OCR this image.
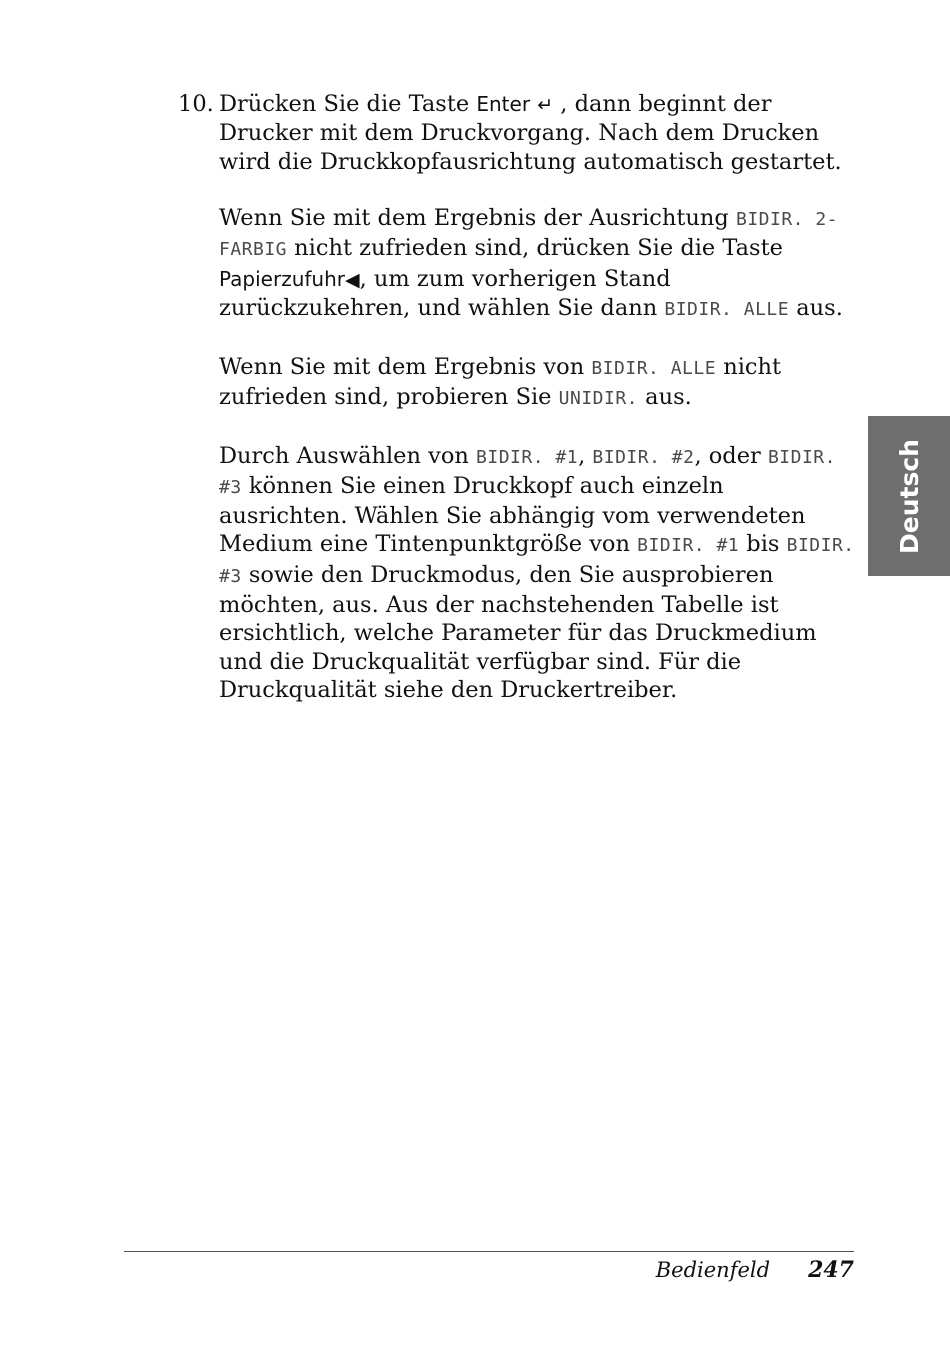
10. Drücken Sie die Taste Enter ↵ , dann beginnt der Drucker mit dem Druckvorgang. Nach dem Drucken wird die Druckkopfausrichtung automatisch gestartet.

Wenn Sie mit dem Ergebnis der Ausrichtung BIDIR. 2-FARBIG nicht zufrieden sind, drücken Sie die Taste Papierzufuhr◀, um zum vorherigen Stand zurückzukehren, und wählen Sie dann BIDIR. ALLE aus.

Wenn Sie mit dem Ergebnis von BIDIR. ALLE nicht zufrieden sind, probieren Sie UNIDIR. aus.

Durch Auswählen von BIDIR. #1, BIDIR. #2, oder BIDIR. #3 können Sie einen Druckkopf auch einzeln ausrichten. Wählen Sie abhängig vom verwendeten Medium eine Tintenpunktgröße von BIDIR. #1 bis BIDIR. #3 sowie den Druckmodus, den Sie ausprobieren möchten, aus. Aus der nachstehenden Tabelle ist ersichtlich, welche Parameter für das Druckmedium und die Druckqualität verfügbar sind. Für die Druckqualität siehe den Druckertreiber.

Deutsch
Bedienfeld 247
